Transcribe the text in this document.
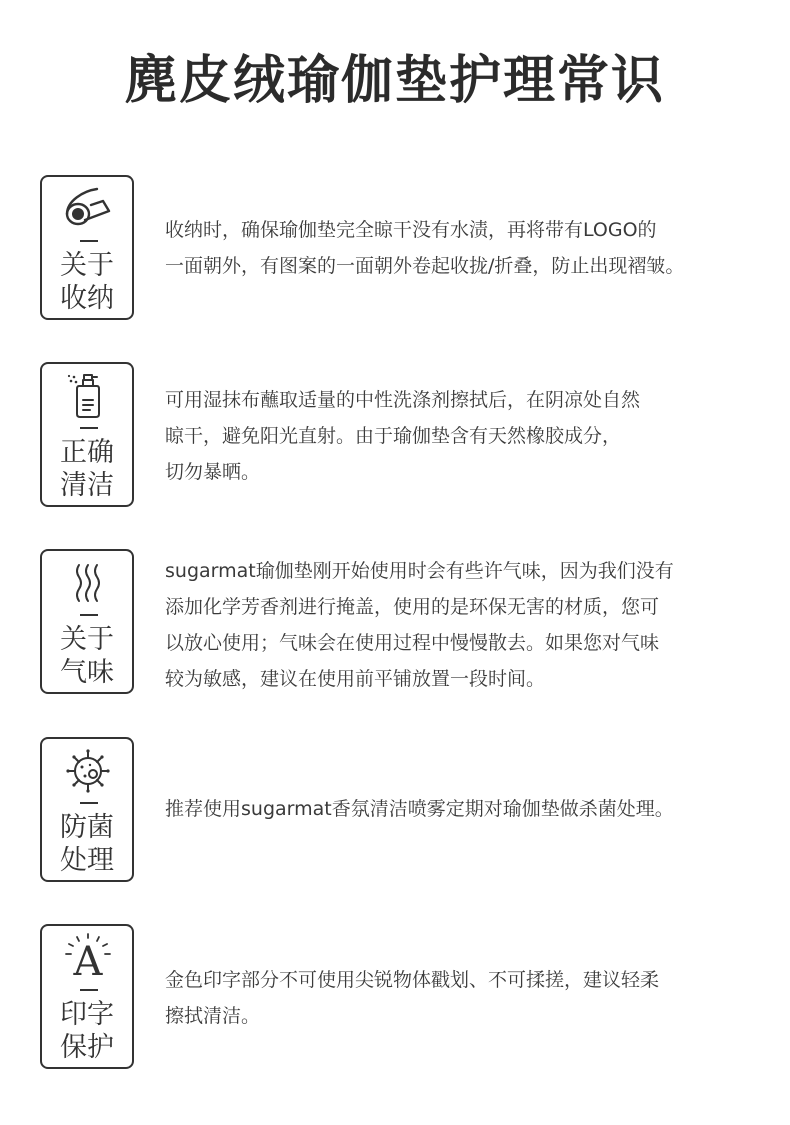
麂皮绒瑜伽垫护理常识
关于
收纳
收纳时，确保瑜伽垫完全晾干没有水渍，再将带有LOGO的
一面朝外，有图案的一面朝外卷起收拢/折叠，防止出现褶皱。
正确
清洁
可用湿抹布蘸取适量的中性洗涤剂擦拭后，在阴凉处自然
晾干，避免阳光直射。由于瑜伽垫含有天然橡胶成分，
切勿暴晒。
关于
气味
sugarmat瑜伽垫刚开始使用时会有些许气味，因为我们没有
添加化学芳香剂进行掩盖，使用的是环保无害的材质，您可
以放心使用；气味会在使用过程中慢慢散去。如果您对气味
较为敏感，建议在使用前平铺放置一段时间。
防菌
处理
推荐使用sugarmat香氛清洁喷雾定期对瑜伽垫做杀菌处理。
A
印字
保护
金色印字部分不可使用尖锐物体戳划、不可揉搓，建议轻柔
擦拭清洁。
